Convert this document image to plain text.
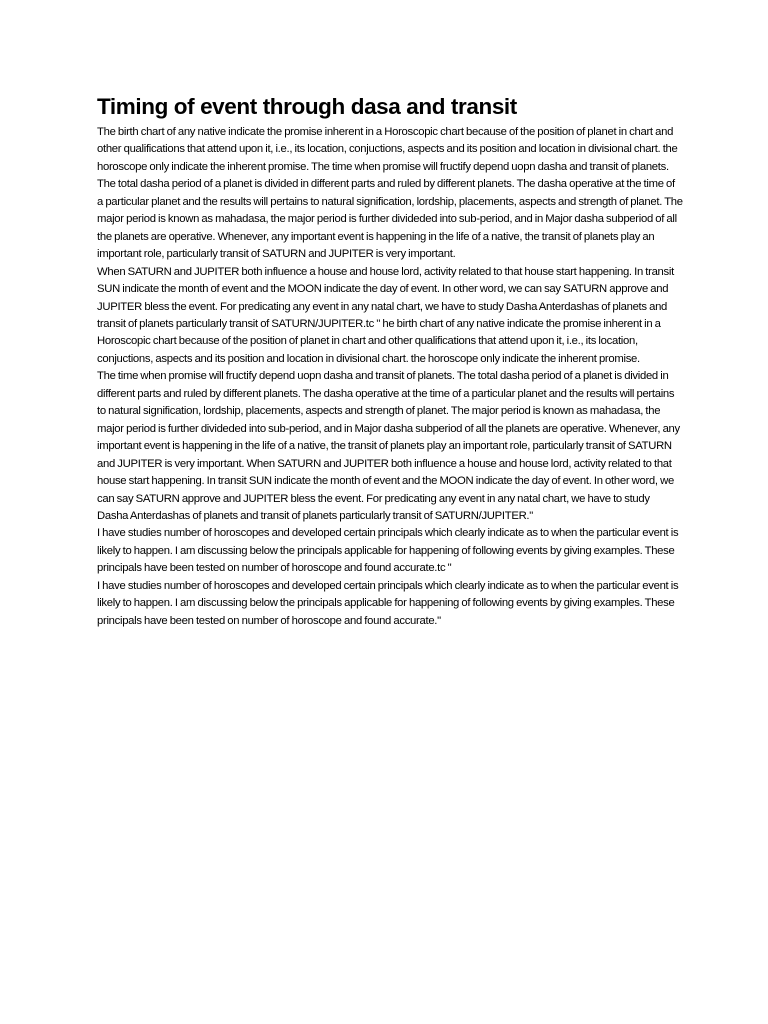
Timing of event through dasa and transit

The birth chart of any native indicate the promise inherent in a Horoscopic chart because of the position of planet in chart and other qualifications that attend upon it, i.e., its location, conjuctions, aspects and its position and location in divisional chart. the horoscope only indicate the inherent promise. The time when promise will fructify depend uopn dasha and transit of planets. The total dasha period of a planet is divided in different parts and ruled by different planets. The dasha operative at the time of a particular planet and the results will pertains to natural signification, lordship, placements, aspects and strength of planet. The major period is known as mahadasa, the major period is further divideded into sub-period, and in Major dasha subperiod of all the planets are operative. Whenever, any important event is happening in the life of a native, the transit of planets play an important role, particularly transit of SATURN and JUPITER is very important.

When SATURN and JUPITER both influence a house and house lord, activity related to that house start happening. In transit SUN indicate the month of event and the MOON indicate the day of event. In other word, we can say SATURN approve and JUPITER bless the event. For predicating any event in any natal chart, we have to study Dasha Anterdashas of planets and transit of planets particularly transit of SATURN/JUPITER.tc " he birth chart of any native indicate the promise inherent in a Horoscopic chart because of the position of planet in chart and other qualifications that attend upon it, i.e., its location, conjuctions, aspects and its position and location in divisional chart. the horoscope only indicate the inherent promise.

The time when promise will fructify depend uopn dasha and transit of planets. The total dasha period of a planet is divided in different parts and ruled by different planets. The dasha operative at the time of a particular planet and the results will pertains to natural signification, lordship, placements, aspects and strength of planet. The major period is known as mahadasa, the major period is further divideded into sub-period, and in Major dasha subperiod of all the planets are operative. Whenever, any important event is happening in the life of a native, the transit of planets play an important role, particularly transit of SATURN and JUPITER is very important. When SATURN and JUPITER both influence a house and house lord, activity related to that house start happening. In transit SUN indicate the month of event and the MOON indicate the day of event. In other word, we can say SATURN approve and JUPITER bless the event. For predicating any event in any natal chart, we have to study Dasha Anterdashas of planets and transit of planets particularly transit of SATURN/JUPITER."

I have studies number of horoscopes and developed certain principals which clearly indicate as to when the particular event is likely to happen. I am discussing below the principals applicable for happening of following events by giving examples. These principals have been tested on number of horoscope and found accurate.tc "

I have studies number of horoscopes and developed certain principals which clearly indicate as to when the particular event is likely to happen. I am discussing below the principals applicable for happening of following events by giving examples. These principals have been tested on number of horoscope and found accurate."
